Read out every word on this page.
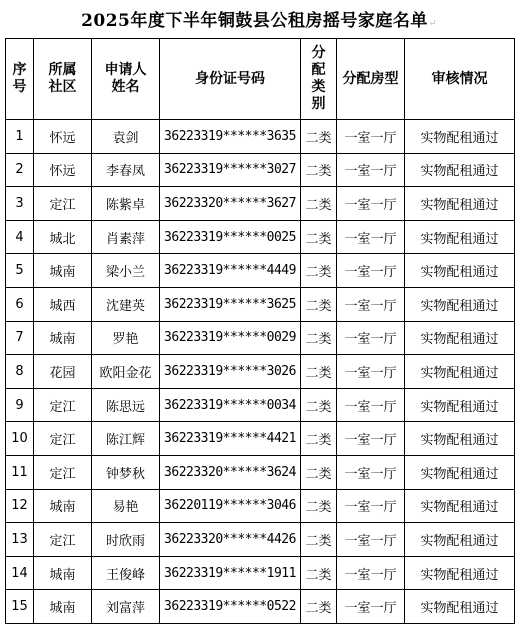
2025年度下半年铜鼓县公租房摇号家庭名单↵
序号	所属社区	申请人姓名	身份证号码	分配类别	分配房型	审核情况
1	怀远	袁剑	36223319******3635	二类	一室一厅	实物配租通过
2	怀远	李春凤	36223319******3027	二类	一室一厅	实物配租通过
3	定江	陈紫卓	36223320******3627	二类	一室一厅	实物配租通过
4	城北	肖素萍	36223319******0025	二类	一室一厅	实物配租通过
5	城南	梁小兰	36223319******4449	二类	一室一厅	实物配租通过
6	城西	沈建英	36223319******3625	二类	一室一厅	实物配租通过
7	城南	罗艳	36223319******0029	二类	一室一厅	实物配租通过
8	花园	欧阳金花	36223319******3026	二类	一室一厅	实物配租通过
9	定江	陈思远	36223319******0034	二类	一室一厅	实物配租通过
10	定江	陈江辉	36223319******4421	二类	一室一厅	实物配租通过
11	定江	钟梦秋	36223320******3624	二类	一室一厅	实物配租通过
12	城南	易艳	36220119******3046	二类	一室一厅	实物配租通过
13	定江	时欣雨	36223320******4426	二类	一室一厅	实物配租通过
14	城南	王俊峰	36223319******1911	二类	一室一厅	实物配租通过
15	城南	刘富萍	36223319******0522	二类	一室一厅	实物配租通过
